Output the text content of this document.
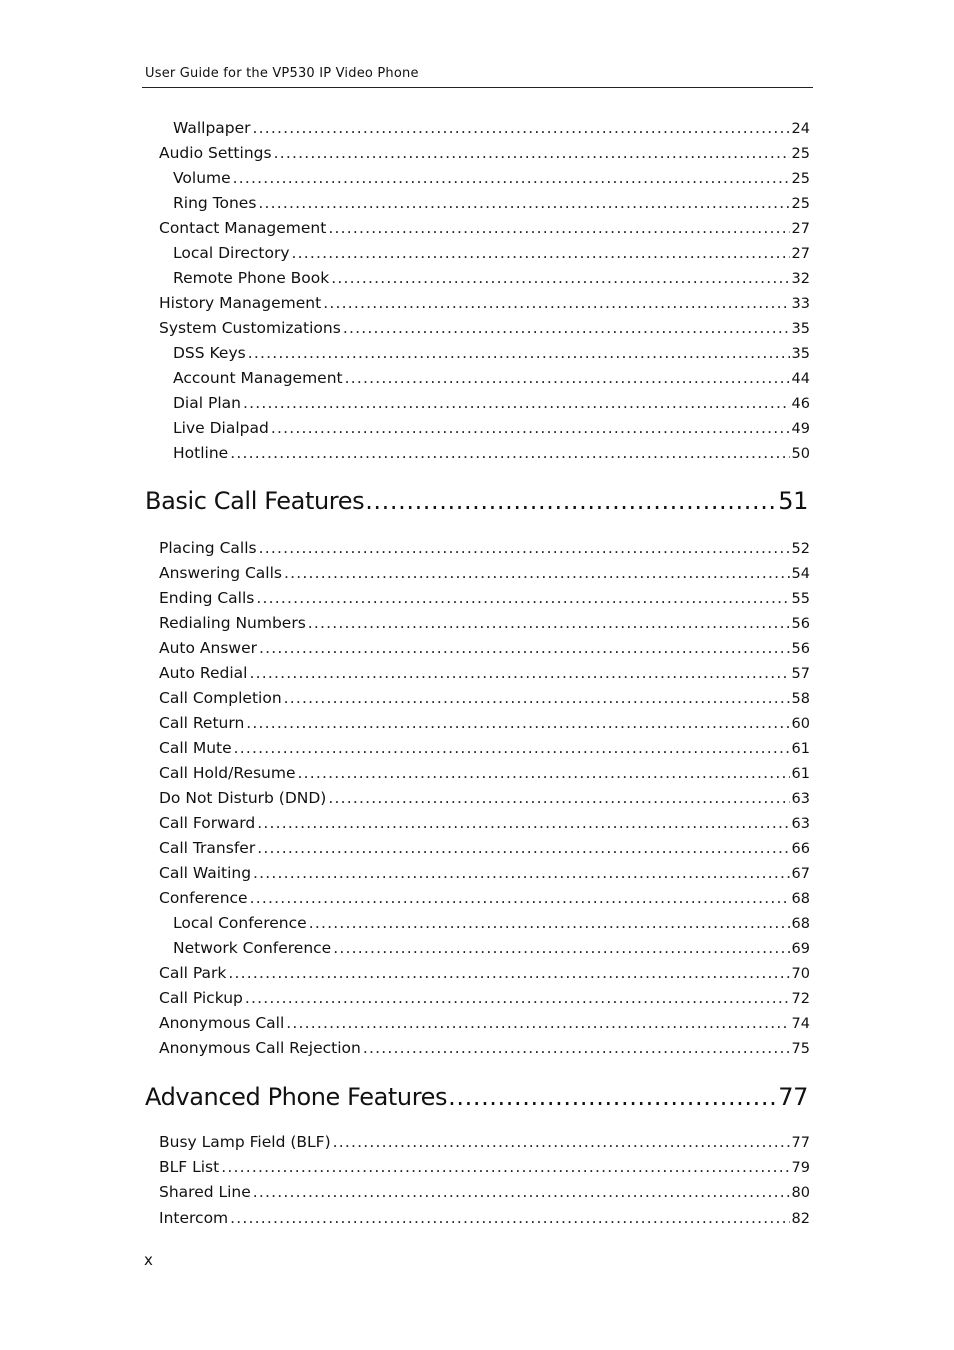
User Guide for the VP530 IP Video Phone
Wallpaper .....	24
Audio Settings .....	25
Volume .....	25
Ring Tones .....	25
Contact Management .....	27
Local Directory .....	27
Remote Phone Book .....	32
History Management .....	33
System Customizations .....	35
DSS Keys .....	35
Account Management .....	44
Dial Plan .....	46
Live Dialpad .....	49
Hotline .....	50
Basic Call Features .....	51
Placing Calls .....	52
Answering Calls .....	54
Ending Calls .....	55
Redialing Numbers .....	56
Auto Answer .....	56
Auto Redial .....	57
Call Completion .....	58
Call Return .....	60
Call Mute .....	61
Call Hold/Resume .....	61
Do Not Disturb (DND) .....	63
Call Forward .....	63
Call Transfer .....	66
Call Waiting .....	67
Conference .....	68
Local Conference .....	68
Network Conference .....	69
Call Park .....	70
Call Pickup .....	72
Anonymous Call .....	74
Anonymous Call Rejection .....	75
Advanced Phone Features .....	77
Busy Lamp Field (BLF) .....	77
BLF List .....	79
Shared Line .....	80
Intercom .....	82
x
